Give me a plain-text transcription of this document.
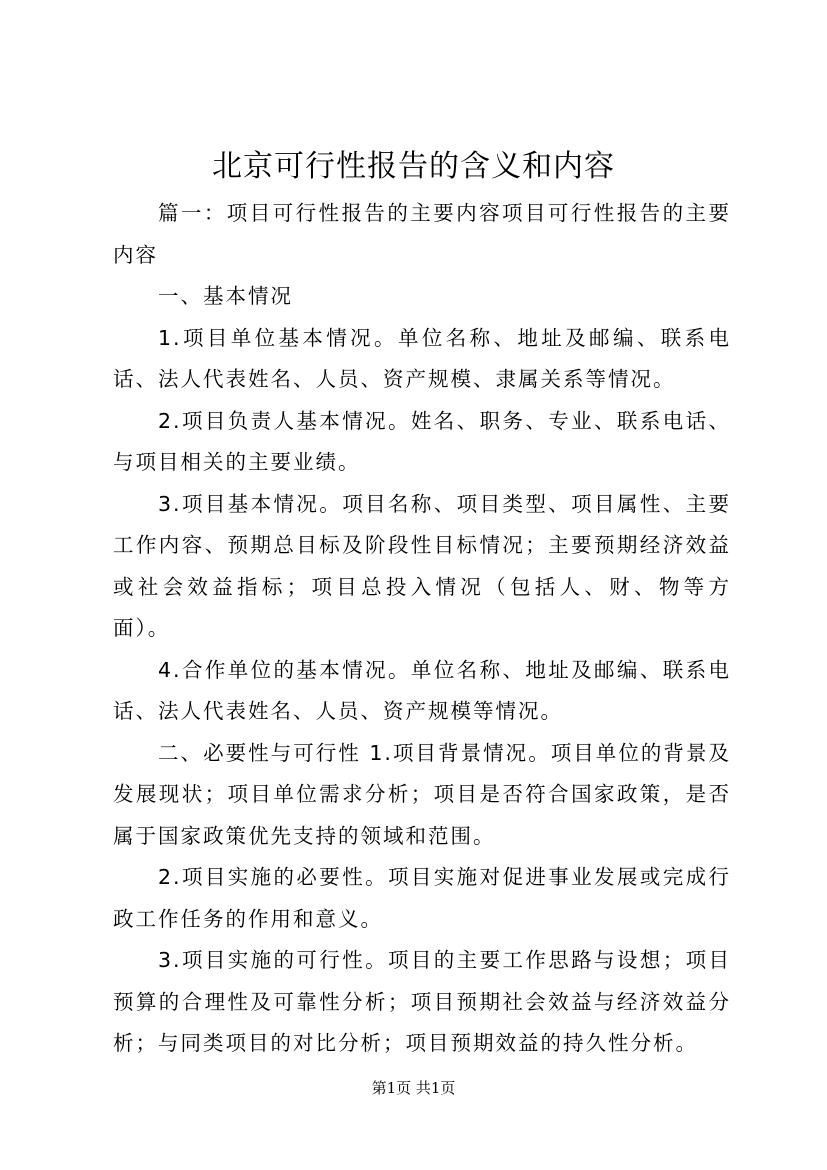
北京可行性报告的含义和内容

篇一：项目可行性报告的主要内容项目可行性报告的主要内容

一、基本情况

1.项目单位基本情况。单位名称、地址及邮编、联系电话、法人代表姓名、人员、资产规模、隶属关系等情况。

2.项目负责人基本情况。姓名、职务、专业、联系电话、与项目相关的主要业绩。

3.项目基本情况。项目名称、项目类型、项目属性、主要工作内容、预期总目标及阶段性目标情况；主要预期经济效益或社会效益指标；项目总投入情况（包括人、财、物等方面）。

4.合作单位的基本情况。单位名称、地址及邮编、联系电话、法人代表姓名、人员、资产规模等情况。

二、必要性与可行性 1.项目背景情况。项目单位的背景及发展现状；项目单位需求分析；项目是否符合国家政策，是否属于国家政策优先支持的领域和范围。

2.项目实施的必要性。项目实施对促进事业发展或完成行政工作任务的作用和意义。

3.项目实施的可行性。项目的主要工作思路与设想；项目预算的合理性及可靠性分析；项目预期社会效益与经济效益分析；与同类项目的对比分析；项目预期效益的持久性分析。

第1页 共1页
